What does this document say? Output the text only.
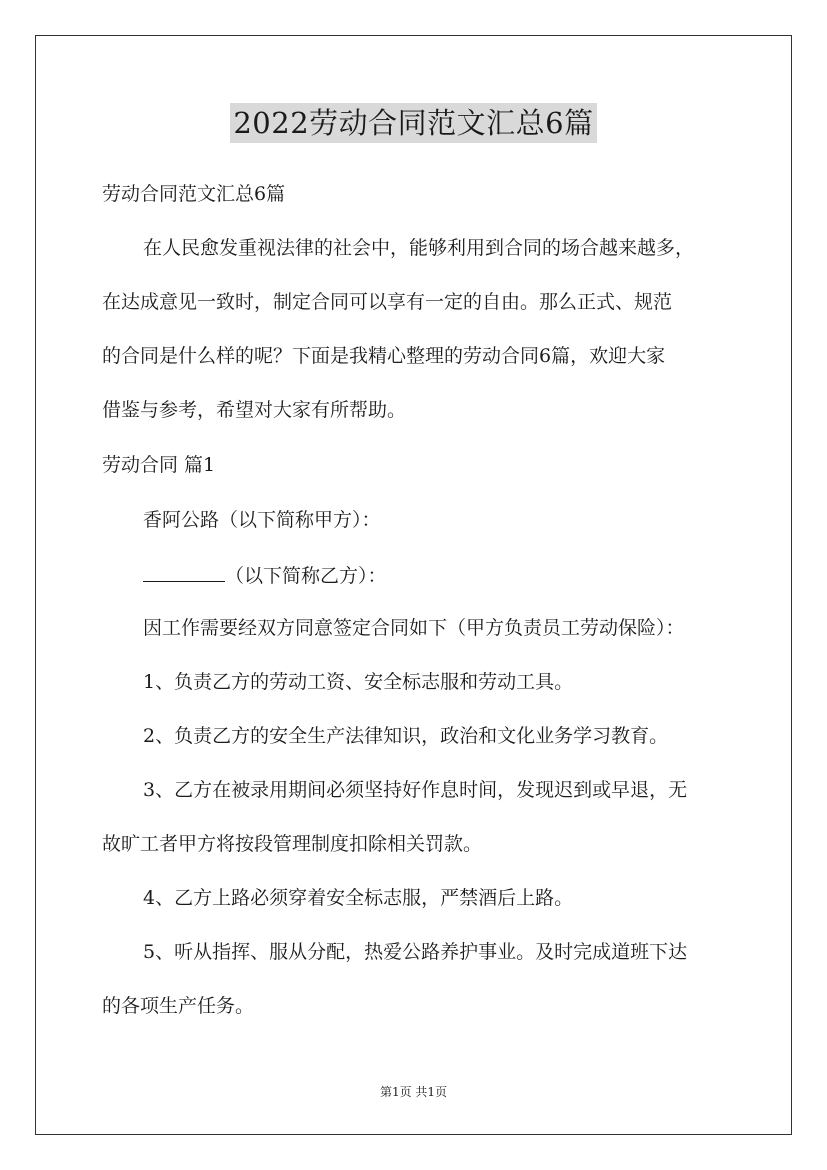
2022劳动合同范文汇总6篇

劳动合同范文汇总6篇

在人民愈发重视法律的社会中，能够利用到合同的场合越来越多，

在达成意见一致时，制定合同可以享有一定的自由。那么正式、规范

的合同是什么样的呢？下面是我精心整理的劳动合同6篇，欢迎大家

借鉴与参考，希望对大家有所帮助。

劳动合同 篇1

香阿公路（以下简称甲方）：

（以下简称乙方）：

因工作需要经双方同意签定合同如下（甲方负责员工劳动保险）：

1、负责乙方的劳动工资、安全标志服和劳动工具。

2、负责乙方的安全生产法律知识，政治和文化业务学习教育。

3、乙方在被录用期间必须坚持好作息时间，发现迟到或早退，无

故旷工者甲方将按段管理制度扣除相关罚款。

4、乙方上路必须穿着安全标志服，严禁酒后上路。

5、听从指挥、服从分配，热爱公路养护事业。及时完成道班下达

的各项生产任务。

第1页 共1页
